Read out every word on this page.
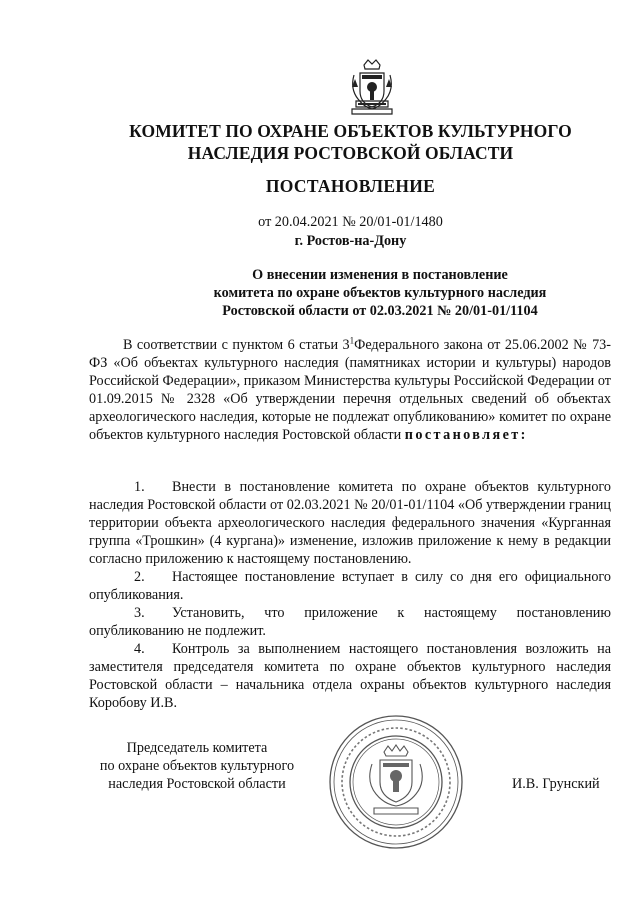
КОМИТЕТ ПО ОХРАНЕ ОБЪЕКТОВ КУЛЬТУРНОГО
НАСЛЕДИЯ РОСТОВСКОЙ ОБЛАСТИ
ПОСТАНОВЛЕНИЕ
от 20.04.2021 № 20/01-01/1480
г. Ростов-на-Дону
О внесении изменения в постановление
комитета по охране объектов культурного наследия
Ростовской области от 02.03.2021 № 20/01-01/1104

В соответствии с пунктом 6 статьи $3^1Федерального$ закона от 25.06.2002 № 73-ФЗ «Об объектах культурного наследия (памятниках истории и культуры) народов Российской Федерации», приказом Министерства культуры Российской Федерации от 01.09.2015 № 2328 «Об утверждении перечня отдельных сведений об объектах археологического наследия, которые не подлежат опубликованию» комитет по охране объектов культурного наследия Ростовской области постановляет:

1. Внести в постановление комитета по охране объектов культурного наследия Ростовской области от 02.03.2021 № 20/01-01/1104 «Об утверждении границ территории объекта археологического наследия федерального значения «Курганная группа «Трошкин» (4 кургана)» изменение, изложив приложение к нему в редакции согласно приложению к настоящему постановлению.

2. Настоящее постановление вступает в силу со дня его официального опубликования.

3. Установить, что приложение к настоящему постановлению опубликованию не подлежит.

4. Контроль за выполнением настоящего постановления возложить на заместителя председателя комитета по охране объектов культурного наследия Ростовской области – начальника отдела охраны объектов культурного наследия Коробову И.В.

Председатель комитета
по охране объектов культурного
наследия Ростовской области	И.В. Грунский
